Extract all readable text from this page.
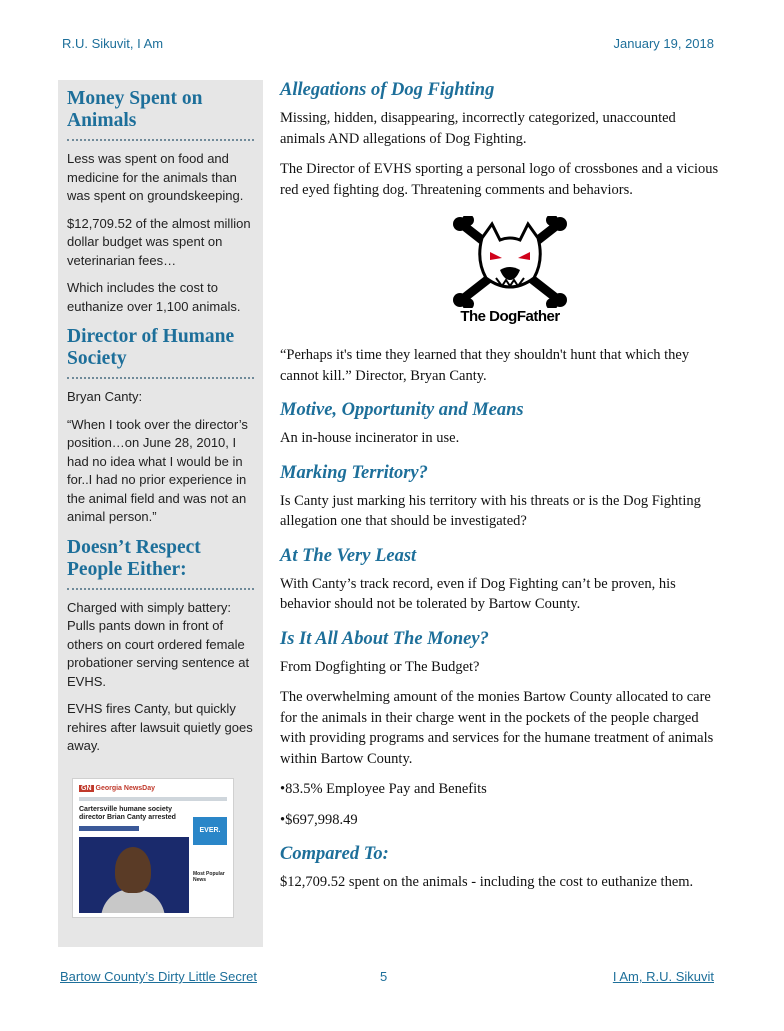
R.U. Sikuvit, I Am	January 19, 2018
Money Spent on Animals

Less was spent on food and medicine for the animals than was spent on groundskeeping.

$12,709.52 of the almost million dollar budget was spent on veterinarian fees…

Which includes the cost to euthanize over 1,100 animals.

Director of Humane Society

Bryan Canty:

“When I took over the director’s position…on June 28, 2010, I had no idea what I would be in for..I had no prior experience in the animal field and was not an animal person.”

Doesn’t Respect People Either:

Charged with simply battery: Pulls pants down in front of others on court ordered female probationer serving sentence at EVHS.

EVHS fires Canty, but quickly rehires after lawsuit quietly goes away.

GN Georgia NewsDay
Cartersville humane society director Brian Canty arrested
EVER.
Most Popular News
Allegations of Dog Fighting

Missing, hidden, disappearing, incorrectly categorized, unaccounted animals AND allegations of Dog Fighting.

The Director of EVHS sporting a personal logo of crossbones and a vicious red eyed fighting dog. Threatening comments and behaviors.

The DogFather

“Perhaps it's time they learned that they shouldn't hunt that which they cannot kill.” Director, Bryan Canty.

Motive, Opportunity and Means

An in-house incinerator in use.

Marking Territory?

Is Canty just marking his territory with his threats or is the Dog Fighting allegation one that should be investigated?

At The Very Least

With Canty’s track record, even if Dog Fighting can’t be proven, his behavior should not be tolerated by Bartow County.

Is It All About The Money?

From Dogfighting or The Budget?

The overwhelming amount of the monies Bartow County allocated to care for the animals in their charge went in the pockets of the people charged with providing programs and services for the humane treatment of animals within Bartow County.

•83.5% Employee Pay and Benefits

•$697,998.49

Compared To:

$12,709.52 spent on the animals - including the cost to euthanize them.

Bartow County’s Dirty Little Secret	5	I Am, R.U. Sikuvit
